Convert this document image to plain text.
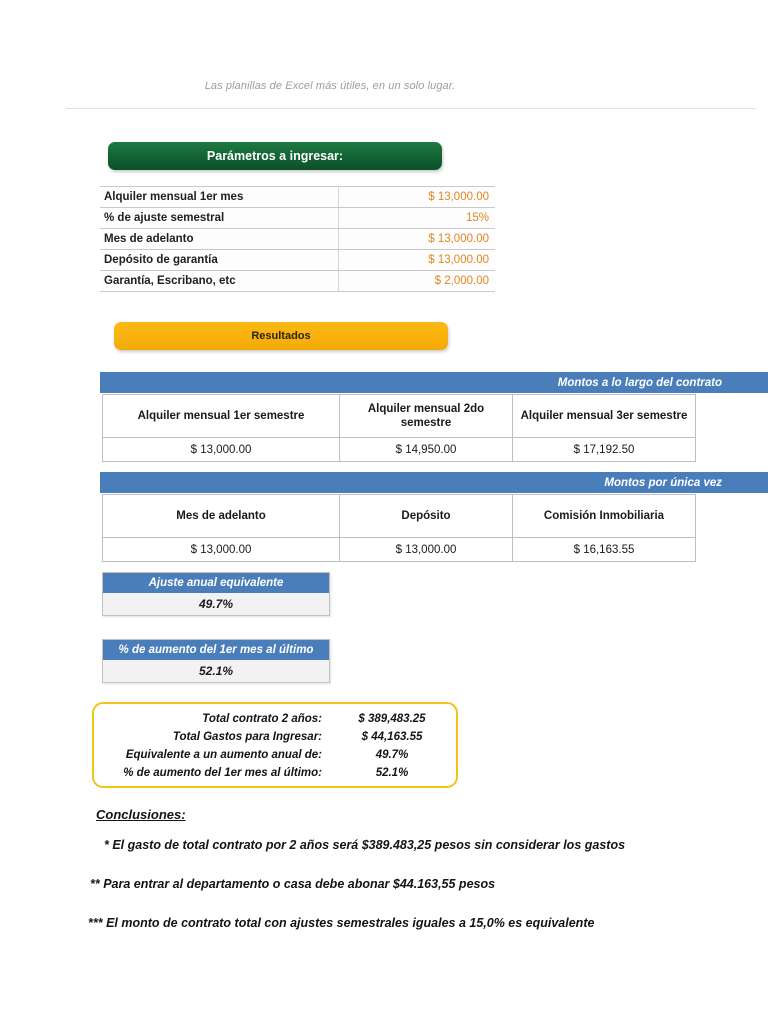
Las planillas de Excel más útiles, en un solo lugar.
Parámetros a ingresar:
Alquiler mensual 1er mes	$ 13,000.00
% de ajuste semestral	15%
Mes de adelanto	$ 13,000.00
Depósito de garantía	$ 13,000.00
Garantía, Escribano, etc	$ 2,000.00
Resultados
Montos a lo largo del contrato
Alquiler mensual 1er semestre	Alquiler mensual 2do semestre	Alquiler mensual 3er semestre
$ 13,000.00	$ 14,950.00	$ 17,192.50
Montos por única vez
Mes de adelanto	Depósito	Comisión Inmobiliaria
$ 13,000.00	$ 13,000.00	$ 16,163.55
Ajuste anual equivalente
49.7%
% de aumento del 1er mes al último
52.1%
Total contrato 2 años:	$ 389,483.25
Total Gastos para Ingresar:	$ 44,163.55
Equivalente a un aumento anual de:	49.7%
% de aumento del 1er mes al último:	52.1%
Conclusiones:
* El gasto de total contrato por 2 años será $389.483,25 pesos sin considerar los gastos
** Para entrar al departamento o casa debe abonar $44.163,55 pesos
*** El monto de contrato total con ajustes semestrales iguales a 15,0% es equivalente
